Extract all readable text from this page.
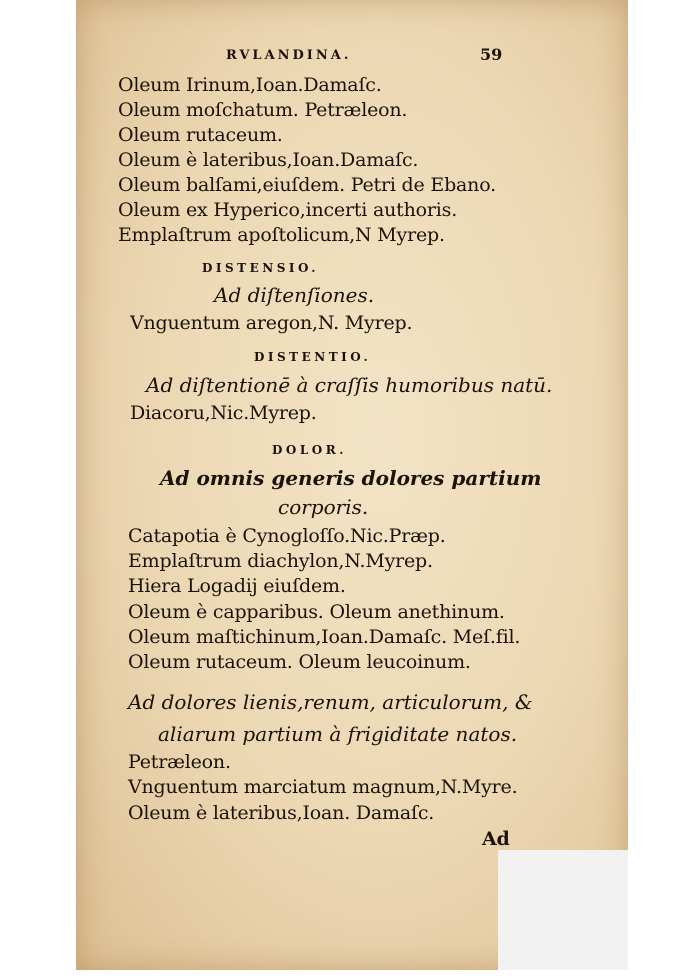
RVLANDINA.	59
Oleum Irinum,Ioan.Damaſc.
Oleum moſchatum. Petræleon.
Oleum rutaceum.
Oleum è lateribus,Ioan.Damaſc.
Oleum balſami,eiuſdem. Petri de Ebano.
Oleum ex Hyperico,incerti authoris.
Emplaſtrum apoſtolicum,N Myrep.
DISTENSIO.
Ad diſtenſiones.
Vnguentum aregon,N. Myrep.
DISTENTIO.
Ad diſtentionē à craſſis humoribus natū.
Diacoru,Nic.Myrep.
DOLOR.
Ad omnis generis dolores partium
corporis.
Catapotia è Cynogloſſo.Nic.Præp.
Emplaſtrum diachylon,N.Myrep.
Hiera Logadij eiuſdem.
Oleum è capparibus. Oleum anethinum.
Oleum maſtichinum,Ioan.Damaſc. Meſ.fil.
Oleum rutaceum. Oleum leucoinum.
Ad dolores lienis,renum, articulorum, &
aliarum partium à frigiditate natos.
Petræleon.
Vnguentum marciatum magnum,N.Myre.
Oleum è lateribus,Ioan. Damaſc.
Ad
